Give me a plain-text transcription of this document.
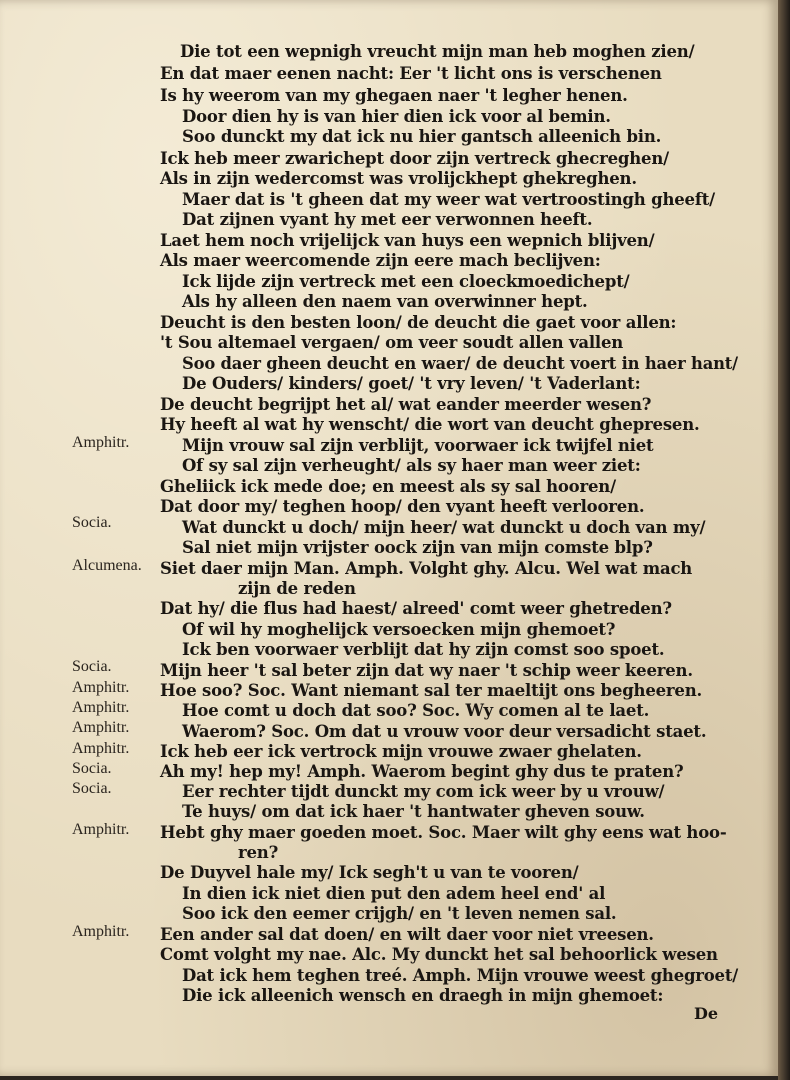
Die tot een wepnigh vreucht mijn man heb moghen zien/
En dat maer eenen nacht: Eer 't licht ons is verschenen
Is hy weerom van my ghegaen naer 't legher henen.
Door dien hy is van hier dien ick voor al bemin.
Soo dunckt my dat ick nu hier gantsch alleenich bin.
Ick heb meer zwarichept door zijn vertreck ghecreghen/
Als in zijn wedercomst was vrolijckhept ghekreghen.
Maer dat is 't gheen dat my weer wat vertroostingh gheeft/
Dat zijnen vyant hy met eer verwonnen heeft.
Laet hem noch vrijelijck van huys een wepnich blijven/
Als maer weercomende zijn eere mach beclijven:
Ick lijde zijn vertreck met een cloeckmoedichept/
Als hy alleen den naem van overwinner hept.
Deucht is den besten loon/ de deucht die gaet voor allen:
't Sou altemael vergaen/ om veer soudt allen vallen
Soo daer gheen deucht en waer/ de deucht voert in haer hant/
De Ouders/ kinders/ goet/ 't vry leven/ 't Vaderlant:
De deucht begrijpt het al/ wat eander meerder wesen?
Hy heeft al wat hy wenscht/ die wort van deucht ghepresen.
Amphitr.	Mijn vrouw sal zijn verblijt, voorwaer ick twijfel niet
Of sy sal zijn verheught/ als sy haer man weer ziet:
Gheliick ick mede doe; en meest als sy sal hooren/
Dat door my/ teghen hoop/ den vyant heeft verlooren.
Socia.	Wat dunckt u doch/ mijn heer/ wat dunckt u doch van my/
Sal niet mijn vrijster oock zijn van mijn comste blp?
Alcumena. Siet daer mijn Man. Amph. Volght ghy. Alcu. Wel wat mach
zijn de reden
Dat hy/ die flus had haest/ alreed' comt weer ghetreden?
Of wil hy moghelijck versoecken mijn ghemoet?
Ick ben voorwaer verblijt dat hy zijn comst soo spoet.
Socia.	Mijn heer 't sal beter zijn dat wy naer 't schip weer keeren.
Amphitr. Hoe soo? Soc. Want niemant sal ter maeltijt ons begheeren.
Amphitr.	Hoe comt u doch dat soo? Soc. Wy comen al te laet.
Amphitr.	Waerom? Soc. Om dat u vrouw voor deur versadicht staet.
Amphitr. Ick heb eer ick vertrock mijn vrouwe zwaer ghelaten.
Socia.	Ah my! hep my! Amph. Waerom begint ghy dus te praten?
Socia.	Eer rechter tijdt dunckt my com ick weer by u vrouw/
Te huys/ om dat ick haer 't hantwater gheven souw.
Amphitr. Hebt ghy maer goeden moet. Soc. Maer wilt ghy eens wat hoo-
ren?
De Duyvel hale my/ Ick segh't u van te vooren/
In dien ick niet dien put den adem heel end' al
Soo ick den eemer crijgh/ en 't leven nemen sal.
Amphitr. Een ander sal dat doen/ en wilt daer voor niet vreesen.
Comt volght my nae. Alc. My dunckt het sal behoorlick wesen
Dat ick hem teghen treé. Amph. Mijn vrouwe weest ghegroet/
Die ick alleenich wensch en draegh in mijn ghemoet:
De
